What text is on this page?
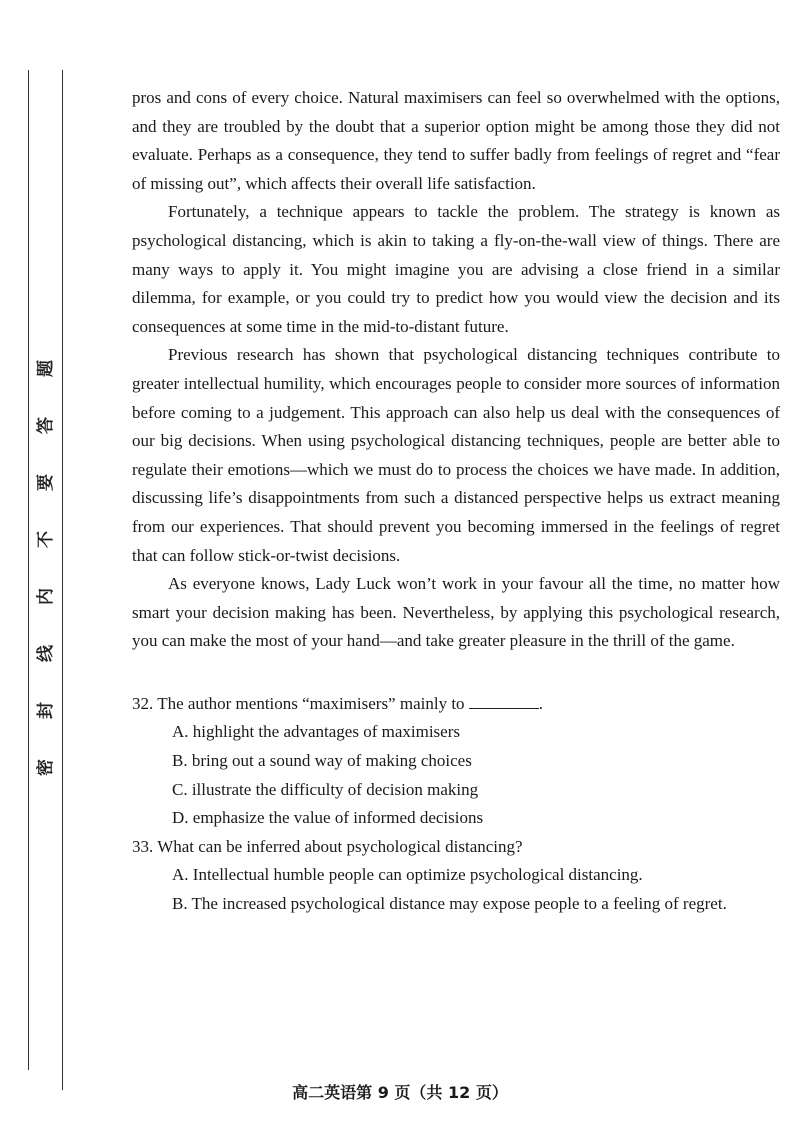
题
答
要
不
内
线
封
密

pros and cons of every choice. Natural maximisers can feel so overwhelmed with the options, and they are troubled by the doubt that a superior option might be among those they did not evaluate. Perhaps as a consequence, they tend to suffer badly from feelings of regret and “fear of missing out”, which affects their overall life satisfaction.

Fortunately, a technique appears to tackle the problem. The strategy is known as psychological distancing, which is akin to taking a fly-on-the-wall view of things. There are many ways to apply it. You might imagine you are advising a close friend in a similar dilemma, for example, or you could try to predict how you would view the decision and its consequences at some time in the mid-to-distant future.

Previous research has shown that psychological distancing techniques contribute to greater intellectual humility, which encourages people to consider more sources of information before coming to a judgement. This approach can also help us deal with the consequences of our big decisions. When using psychological distancing techniques, people are better able to regulate their emotions—which we must do to process the choices we have made. In addition, discussing life’s disappointments from such a distanced perspective helps us extract meaning from our experiences. That should prevent you becoming immersed in the feelings of regret that can follow stick-or-twist decisions.

As everyone knows, Lady Luck won’t work in your favour all the time, no matter how smart your decision making has been. Nevertheless, by applying this psychological research, you can make the most of your hand—and take greater pleasure in the thrill of the game.

32. The author mentions “maximisers” mainly to	.

A. highlight the advantages of maximisers

B. bring out a sound way of making choices

C. illustrate the difficulty of decision making

D. emphasize the value of informed decisions

33. What can be inferred about psychological distancing?

A. Intellectual humble people can optimize psychological distancing.

B. The increased psychological distance may expose people to a feeling of regret.

高二英语第 9 页（共 12 页）
